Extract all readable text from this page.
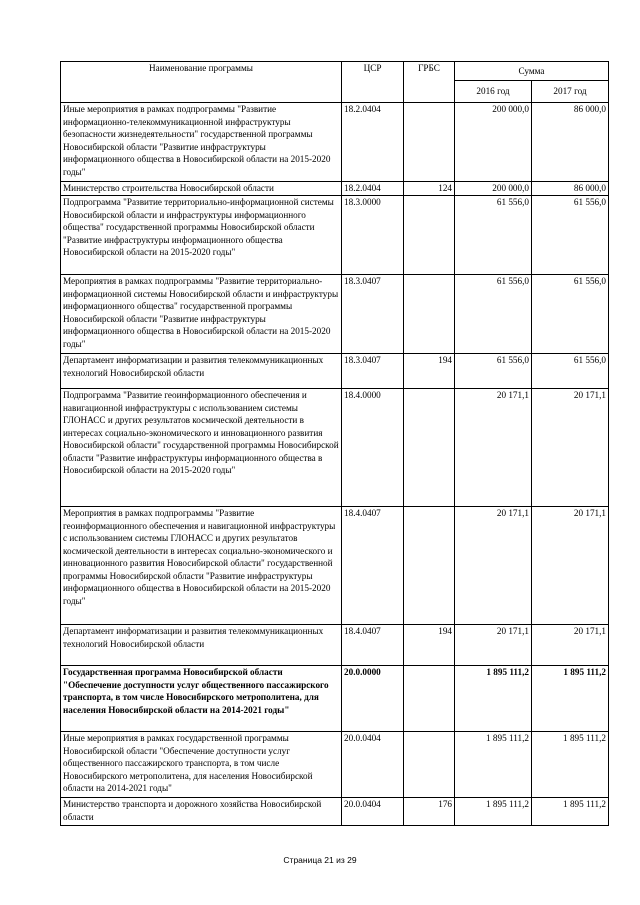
Наименование программы	ЦСР	ГРБС	Сумма	
			2016 год	2017 год
Иные мероприятия в рамках подпрограммы "Развитие информационно-телекоммуникационной инфраструктуры безопасности жизнедеятельности" государственной программы Новосибирской области "Развитие инфраструктуры информационного общества в Новосибирской области на 2015-2020 годы"	18.2.0404		200 000,0	86 000,0
Министерство строительства Новосибирской области	18.2.0404	124	200 000,0	86 000,0
Подпрограмма "Развитие территориально-информационной системы Новосибирской области и инфраструктуры информационного общества" государственной программы Новосибирской области "Развитие инфраструктуры информационного общества Новосибирской области на 2015-2020 годы"	18.3.0000		61 556,0	61 556,0
Мероприятия в рамках подпрограммы "Развитие территориально-информационной системы Новосибирской области и инфраструктуры информационного общества" государственной программы Новосибирской области "Развитие инфраструктуры информационного общества в Новосибирской области на 2015-2020 годы"	18.3.0407		61 556,0	61 556,0
Департамент информатизации и развития телекоммуникационных технологий Новосибирской области	18.3.0407	194	61 556,0	61 556,0
Подпрограмма "Развитие геоинформационного обеспечения и навигационной инфраструктуры с использованием системы ГЛОНАСС и других результатов космической деятельности в интересах социально-экономического и инновационного развития Новосибирской области" государственной программы Новосибирской области "Развитие инфраструктуры информационного общества в Новосибирской области на 2015-2020 годы"	18.4.0000		20 171,1	20 171,1
Мероприятия в рамках подпрограммы "Развитие геоинформационного обеспечения и навигационной инфраструктуры с использованием системы ГЛОНАСС и других результатов космической деятельности в интересах социально-экономического и инновационного развития Новосибирской области" государственной программы Новосибирской области "Развитие инфраструктуры информационного общества в Новосибирской области на 2015-2020 годы"	18.4.0407		20 171,1	20 171,1
Департамент информатизации и развития телекоммуникационных технологий Новосибирской области	18.4.0407	194	20 171,1	20 171,1
Государственная программа Новосибирской области "Обеспечение доступности услуг общественного пассажирского транспорта, в том числе Новосибирского метрополитена, для населения Новосибирской области на 2014-2021 годы"	20.0.0000		1 895 111,2	1 895 111,2
Иные мероприятия в рамках государственной программы Новосибирской области "Обеспечение доступности услуг общественного пассажирского транспорта, в том числе Новосибирского метрополитена, для населения Новосибирской области на 2014-2021 годы"	20.0.0404		1 895 111,2	1 895 111,2
Министерство транспорта и дорожного хозяйства Новосибирской области	20.0.0404	176	1 895 111,2	1 895 111,2
Страница 21 из 29
